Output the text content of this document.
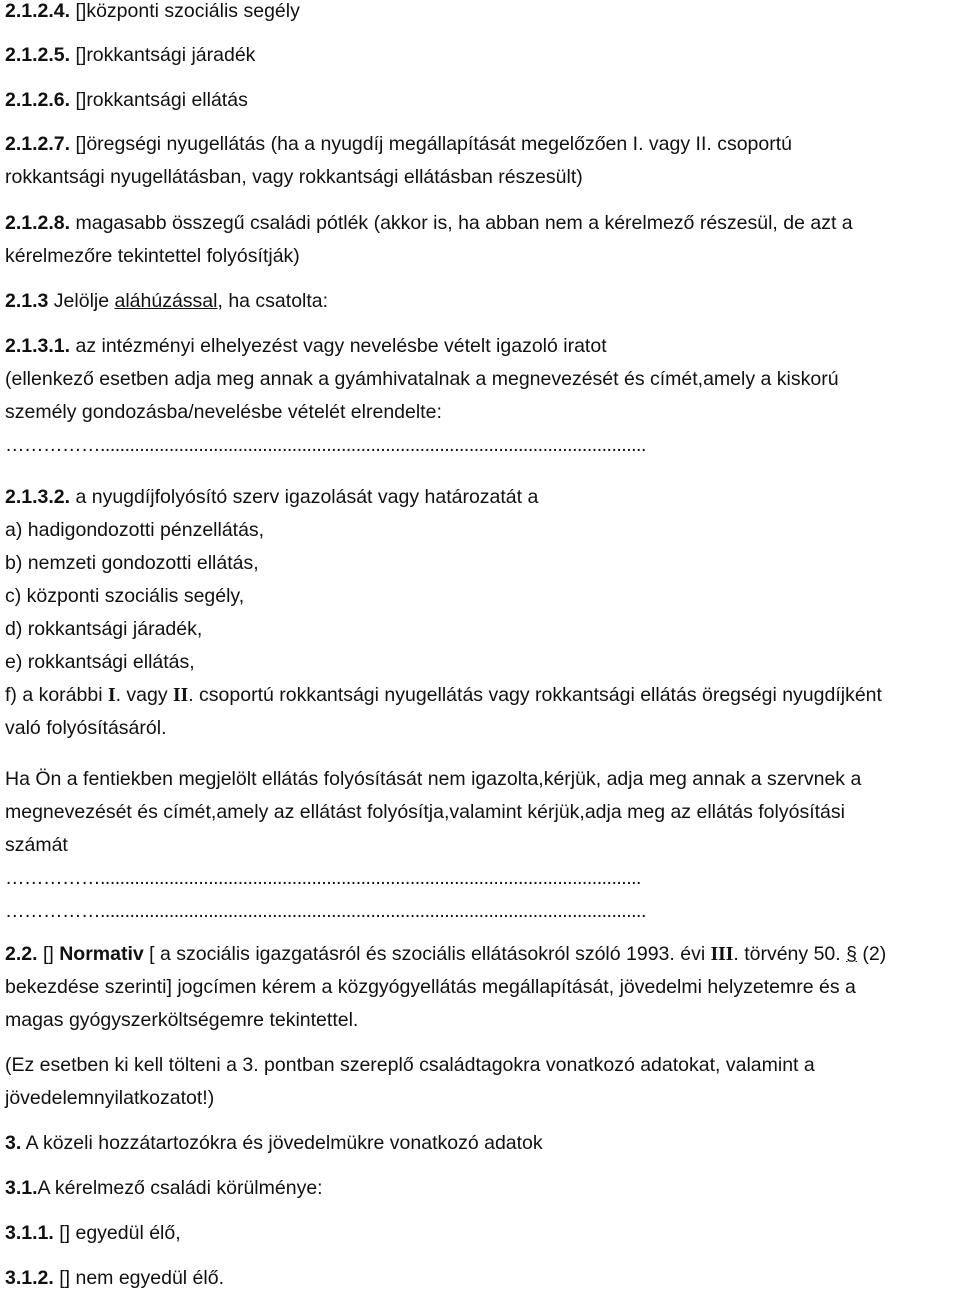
2.1.2.4. []központi szociális segély
2.1.2.5. []rokkantsági járadék
2.1.2.6. []rokkantsági ellátás
2.1.2.7. []öregségi nyugellátás (ha a nyugdíj megállapítását megelőzően I. vagy II. csoportú
rokkantsági nyugellátásban, vagy rokkantsági ellátásban részesült)
2.1.2.8. magasabb összegű családi pótlék (akkor is, ha abban nem a kérelmező részesül, de azt a
kérelmezőre tekintettel folyósítják)
2.1.3 Jelölje aláhúzással, ha csatolta:
2.1.3.1. az intézményi elhelyezést vagy nevelésbe vételt igazoló iratot
(ellenkező esetben adja meg annak a gyámhivatalnak a megnevezését és címét,amely a kiskorú
személy gondozásba/nevelésbe vételét elrendelte:
……………...............................................................................................................
2.1.3.2. a nyugdíjfolyósító szerv igazolását vagy határozatát a
a) hadigondozotti pénzellátás,
b) nemzeti gondozotti ellátás,
c) központi szociális segély,
d) rokkantsági járadék,
e) rokkantsági ellátás,
f) a korábbi I. vagy II. csoportú rokkantsági nyugellátás vagy rokkantsági ellátás öregségi nyugdíjként
való folyósításáról.
Ha Ön a fentiekben megjelölt ellátás folyósítását nem igazolta,kérjük, adja meg annak a szervnek a
megnevezését és címét,amely az ellátást folyósítja,valamint kérjük,adja meg az ellátás folyósítási
számát
……………..............................................................................................................
……………...............................................................................................................
2.2. [] Normativ [ a szociális igazgatásról és szociális ellátásokról szóló 1993. évi III. törvény 50. § (2)
bekezdése szerinti] jogcímen kérem a közgyógyellátás megállapítását, jövedelmi helyzetemre és a
magas gyógyszerköltségemre tekintettel.
(Ez esetben ki kell tölteni a 3. pontban szereplő családtagokra vonatkozó adatokat, valamint a
jövedelemnyilatkozatot!)
3. A közeli hozzátartozókra és jövedelmükre vonatkozó adatok
3.1.A kérelmező családi körülménye:
3.1.1. [] egyedül élő,
3.1.2. [] nem egyedül élő.
